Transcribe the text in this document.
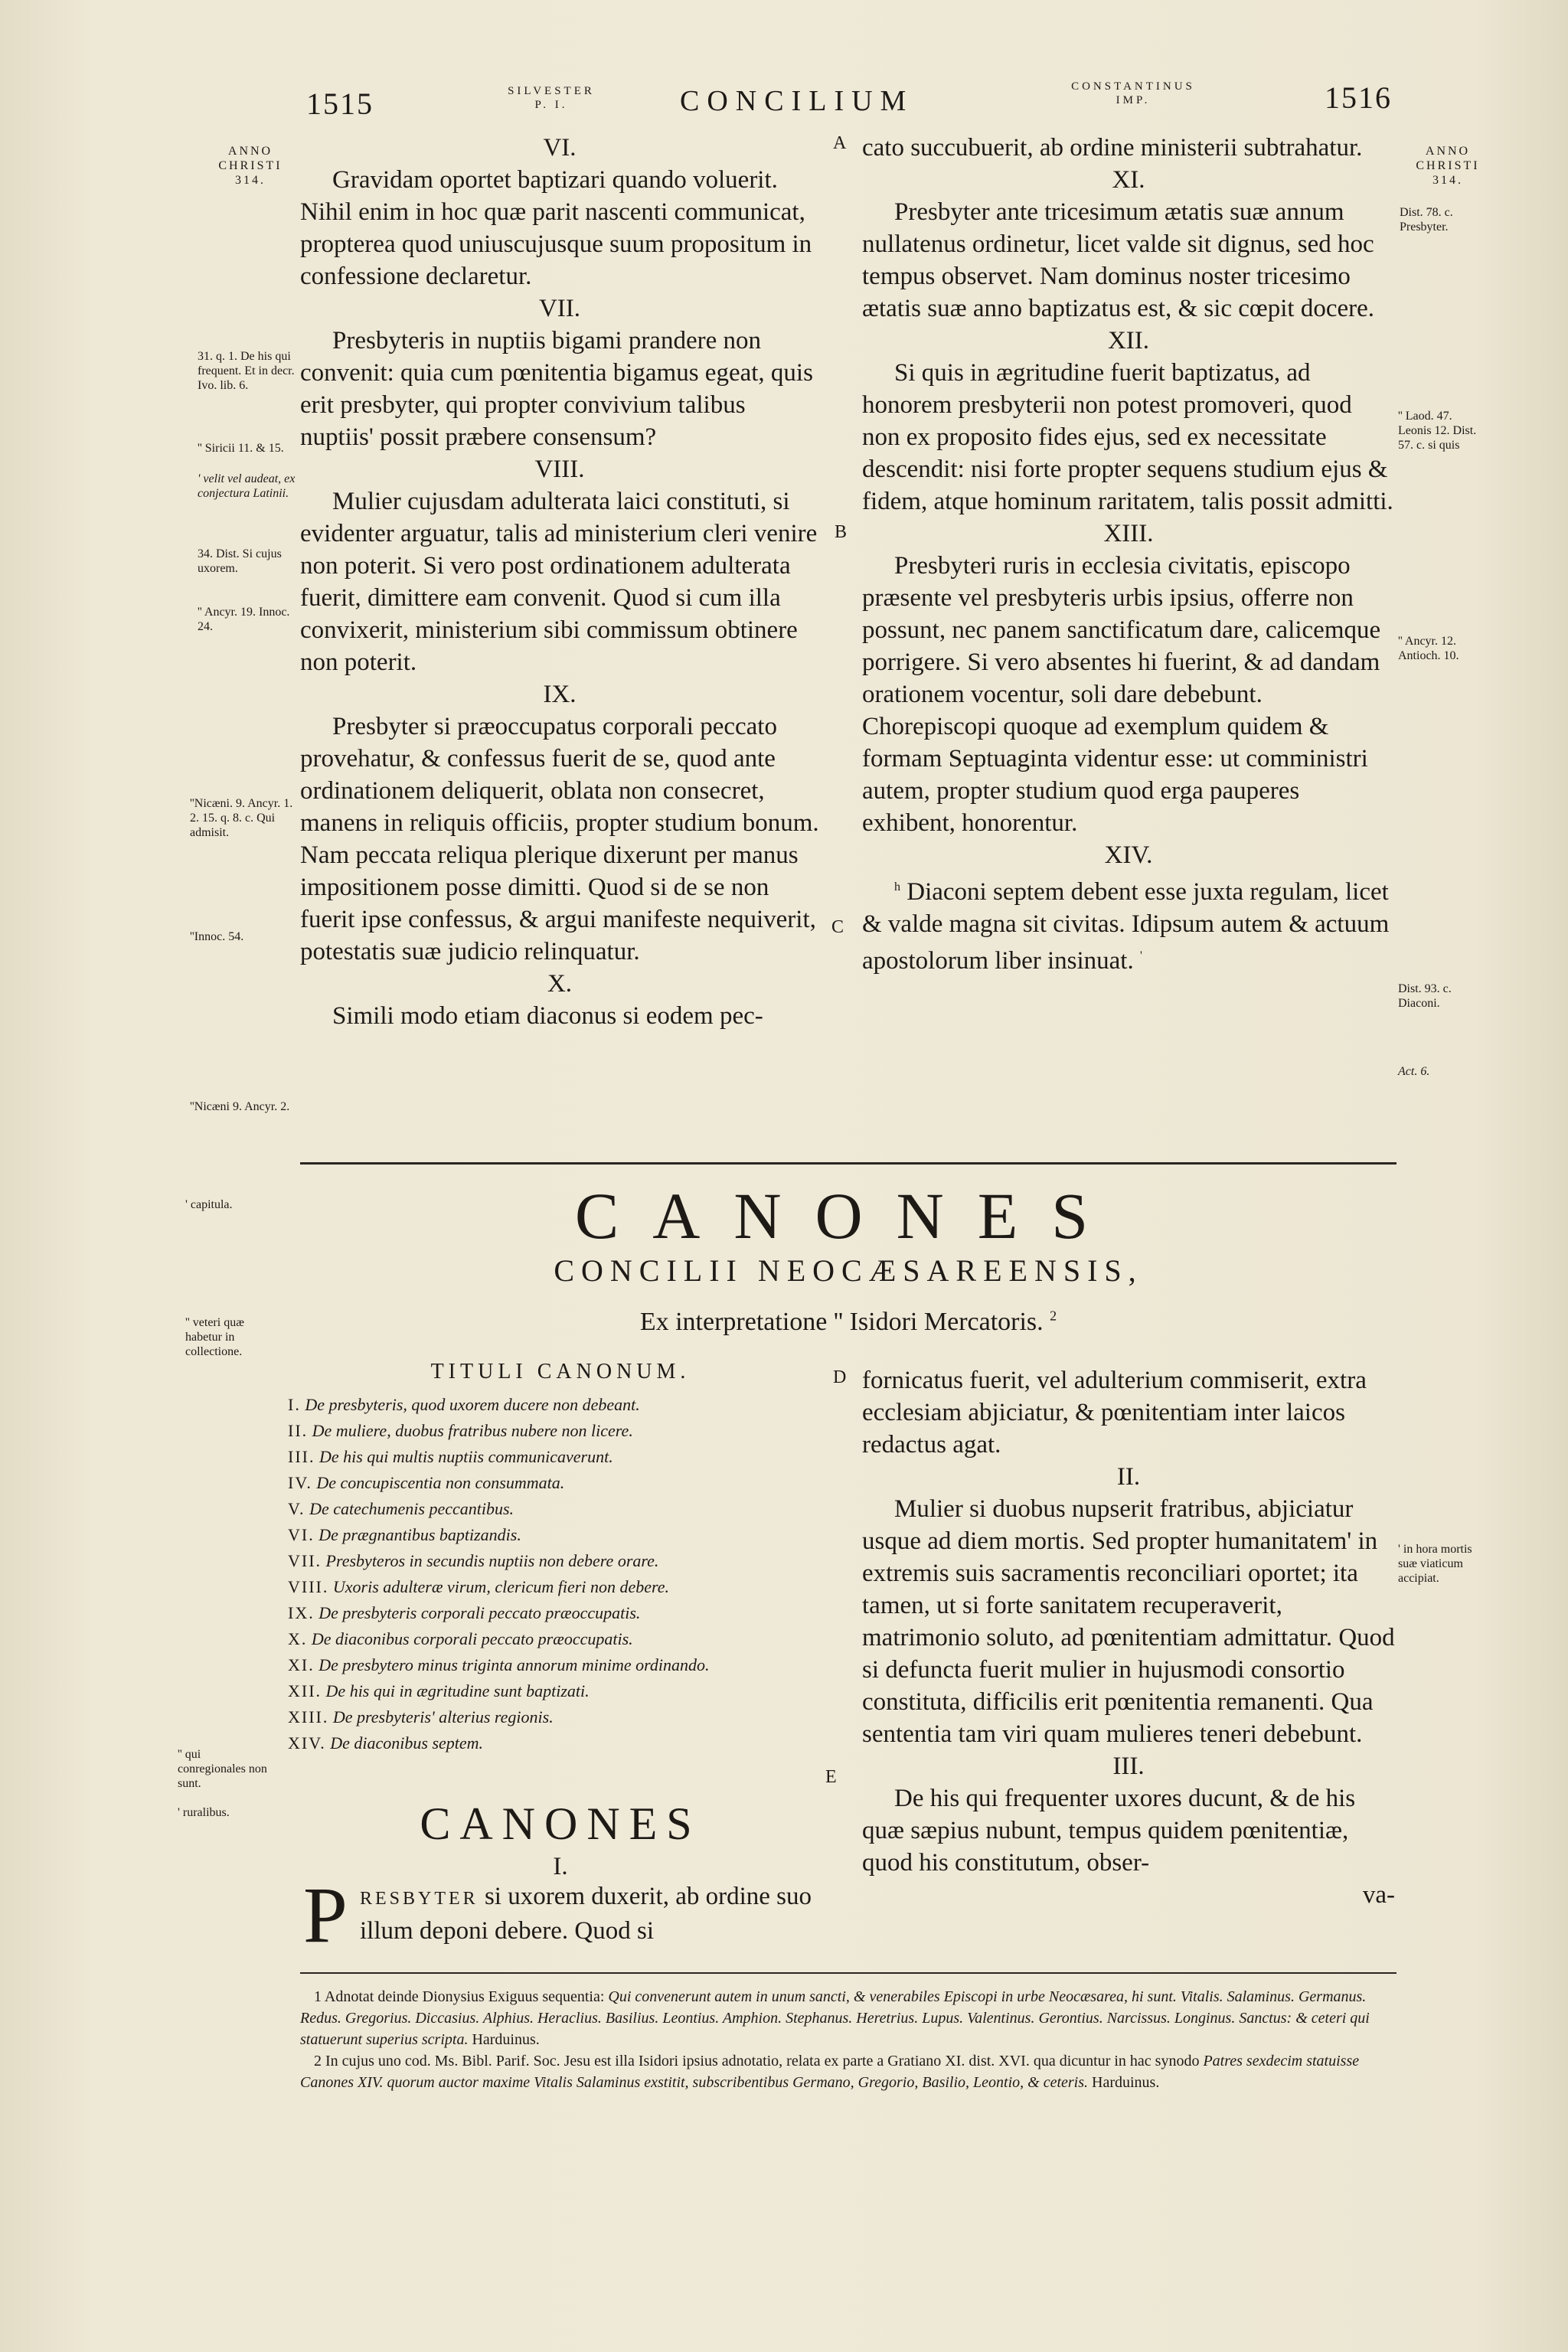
1515	SILVESTER
P. I.	CONCILIUM	CONSTANTINUS
IMP.	1516
ANNO
CHRISTI
314.
31. q. 1. De his qui frequent. Et in decr. Ivo. lib. 6.
'' Siricii 11. & 15.
' velit vel audeat, ex conjectura Latinii.
34. Dist. Si cujus uxorem.
'' Ancyr. 19. Innoc. 24.
''Nicæni. 9. Ancyr. 1. 2. 15. q. 8. c. Qui admisit.
''Innoc. 54.
''Nicæni 9. Ancyr. 2.
' capitula.
'' veteri quæ habetur in collectione.
'' qui conregionales non sunt.
' ruralibus.
ANNO
CHRISTI
314.
Dist. 78. c. Presbyter.
'' Laod. 47. Leonis 12. Dist. 57. c. si quis
'' Ancyr. 12. Antioch. 10.
Dist. 93. c. Diaconi.
Act. 6.
' in hora mortis suæ viaticum accipiat.
A
B
C
D
E

VI.

Gravidam oportet baptizari quando voluerit. Nihil enim in hoc quæ parit nascenti communicat, propterea quod uniuscujusque suum propositum in confessione declaretur.

VII.

Presbyteris in nuptiis bigami prandere non convenit: quia cum pœnitentia bigamus egeat, quis erit presbyter, qui propter convivium talibus nuptiis' possit præbere consensum?

VIII.

Mulier cujusdam adulterata laici constituti, si evidenter arguatur, talis ad ministerium cleri venire non poterit. Si vero post ordinationem adulterata fuerit, dimittere eam convenit. Quod si cum illa convixerit, ministerium sibi commissum obtinere non poterit.

IX.

Presbyter si præoccupatus corporali peccato provehatur, & confessus fuerit de se, quod ante ordinationem deliquerit, oblata non consecret, manens in reliquis officiis, propter studium bonum. Nam peccata reliqua plerique dixerunt per manus impositionem posse dimitti. Quod si de se non fuerit ipse confessus, & argui manifeste nequiverit, potestatis suæ judicio relinquatur.

X.

Simili modo etiam diaconus si eodem pec-

cato succubuerit, ab ordine ministerii subtrahatur.

XI.

Presbyter ante tricesimum ætatis suæ annum nullatenus ordinetur, licet valde sit dignus, sed hoc tempus observet. Nam dominus noster tricesimo ætatis suæ anno baptizatus est, & sic cœpit docere.

XII.

Si quis in ægritudine fuerit baptizatus, ad honorem presbyterii non potest promoveri, quod non ex proposito fides ejus, sed ex necessitate descendit: nisi forte propter sequens studium ejus & fidem, atque hominum raritatem, talis possit admitti.

XIII.

Presbyteri ruris in ecclesia civitatis, episcopo præsente vel presbyteris urbis ipsius, offerre non possunt, nec panem sanctificatum dare, calicemque porrigere. Si vero absentes hi fuerint, & ad dandam orationem vocentur, soli dare debebunt. Chorepiscopi quoque ad exemplum quidem & formam Septuaginta videntur esse: ut comministri autem, propter studium quod erga pauperes exhibent, honorentur.

XIV.

$^h$ Diaconi septem debent esse juxta regulam, licet & valde magna sit civitas. Idipsum autem & actuum apostolorum liber insinuat. '

CANONES
CONCILII NEOCÆSAREENSIS,
Ex interpretatione '' Isidori Mercatoris. $^2$
TITULI CANONUM.
I. De presbyteris, quod uxorem ducere non debeant.
II. De muliere, duobus fratribus nubere non licere.
III. De his qui multis nuptiis communicaverunt.
IV. De concupiscentia non consummata.
V. De catechumenis peccantibus.
VI. De prægnantibus baptizandis.
VII. Presbyteros in secundis nuptiis non debere orare.
VIII. Uxoris adulteræ virum, clericum fieri non debere.
IX. De presbyteris corporali peccato præoccupatis.
X. De diaconibus corporali peccato præoccupatis.
XI. De presbytero minus triginta annorum minime ordinando.
XII. De his qui in ægritudine sunt baptizati.
XIII. De presbyteris' alterius regionis.
XIV. De diaconibus septem.
CANONES
I.
P RESBYTER si uxorem duxerit, ab ordine suo illum deponi debere. Quod si

fornicatus fuerit, vel adulterium commiserit, extra ecclesiam abjiciatur, & pœnitentiam inter laicos redactus agat.

II.

Mulier si duobus nupserit fratribus, abjiciatur usque ad diem mortis. Sed propter humanitatem' in extremis suis sacramentis reconciliari oportet; ita tamen, ut si forte sanitatem recuperaverit, matrimonio soluto, ad pœnitentiam admittatur. Quod si defuncta fuerit mulier in hujusmodi consortio constituta, difficilis erit pœnitentia remanenti. Qua sententia tam viri quam mulieres teneri debebunt.

III.

De his qui frequenter uxores ducunt, & de his quæ sæpius nubunt, tempus quidem pœnitentiæ, quod his constitutum, obser-

va-

1 Adnotat deinde Dionysius Exiguus sequentia: Qui convenerunt autem in unum sancti, & venerabiles Episcopi in urbe Neocæsarea, hi sunt. Vitalis. Salaminus. Germanus. Redus. Gregorius. Diccasius. Alphius. Heraclius. Basilius. Leontius. Amphion. Stephanus. Heretrius. Lupus. Valentinus. Gerontius. Narcissus. Longinus. Sanctus: & ceteri qui statuerunt superius scripta. Harduinus.

2 In cujus uno cod. Ms. Bibl. Parif. Soc. Jesu est illa Isidori ipsius adnotatio, relata ex parte a Gratiano XI. dist. XVI. qua dicuntur in hac synodo Patres sexdecim statuisse Canones XIV. quorum auctor maxime Vitalis Salaminus exstitit, subscribentibus Germano, Gregorio, Basilio, Leontio, & ceteris. Harduinus.
